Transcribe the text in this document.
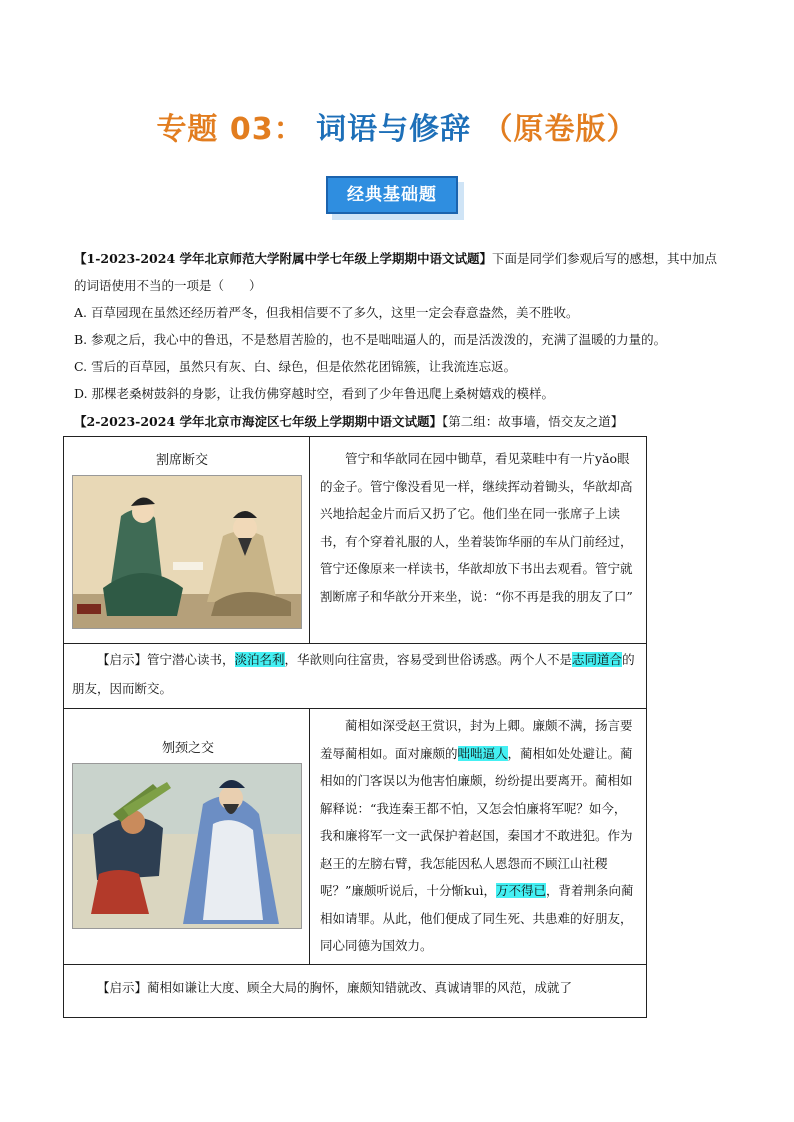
专题 03： 词语与修辞 （原卷版）
经典基础题
【1-2023-2024 学年北京师范大学附属中学七年级上学期期中语文试题】下面是同学们参观后写的感想，其中加点的词语使用不当的一项是（　　）
A. 百草园现在虽然还经历着严冬，但我相信要不了多久，这里一定会春意盎然，美不胜收。
B. 参观之后，我心中的鲁迅，不是愁眉苦脸的，也不是咄咄逼人的，而是活泼泼的，充满了温暖的力量的。
C. 雪后的百草园，虽然只有灰、白、绿色，但是依然花团锦簇，让我流连忘返。
D. 那棵老桑树鼓斜的身影，让我仿佛穿越时空，看到了少年鲁迅爬上桑树嬉戏的模样。
【2-2023-2024 学年北京市海淀区七年级上学期期中语文试题】【第二组：故事墙，悟交友之道】
割席断交	管宁和华歆同在园中锄草，看见菜畦中有一片yǎo眼的金子。管宁像没看见一样，继续挥动着锄头，华歆却高兴地拾起金片而后又扔了它。他们坐在同一张席子上读书，有个穿着礼服的人，坐着装饰华丽的车从门前经过，管宁还像原来一样读书，华歆却放下书出去观看。管宁就割断席子和华歆分开来坐，说：“你不再是我的朋友了口”
【启示】管宁潜心读书，淡泊名利，华歆则向往富贵，容易受到世俗诱惑。两个人不是志同道合的朋友，因而断交。
刎颈之交
蔺相如深受赵王赏识，封为上卿。廉颇不满，扬言要羞辱蔺相如。面对廉颇的咄咄逼人，蔺相如处处避让。蔺相如的门客误以为他害怕廉颇，纷纷提出要离开。蔺相如解释说：“我连秦王都不怕，又怎会怕廉将军呢？如今，我和廉将军一文一武保护着赵国，秦国才不敢进犯。作为赵王的左膀右臂，我怎能因私人恩怨而不顾江山社稷呢？”廉颇听说后，十分惭kuì，万不得已，背着荆条向蔺相如请罪。从此，他们便成了同生死、共患难的好朋友，同心同德为国效力。
【启示】蔺相如谦让大度、顾全大局的胸怀，廉颇知错就改、真诚请罪的风范，成就了
